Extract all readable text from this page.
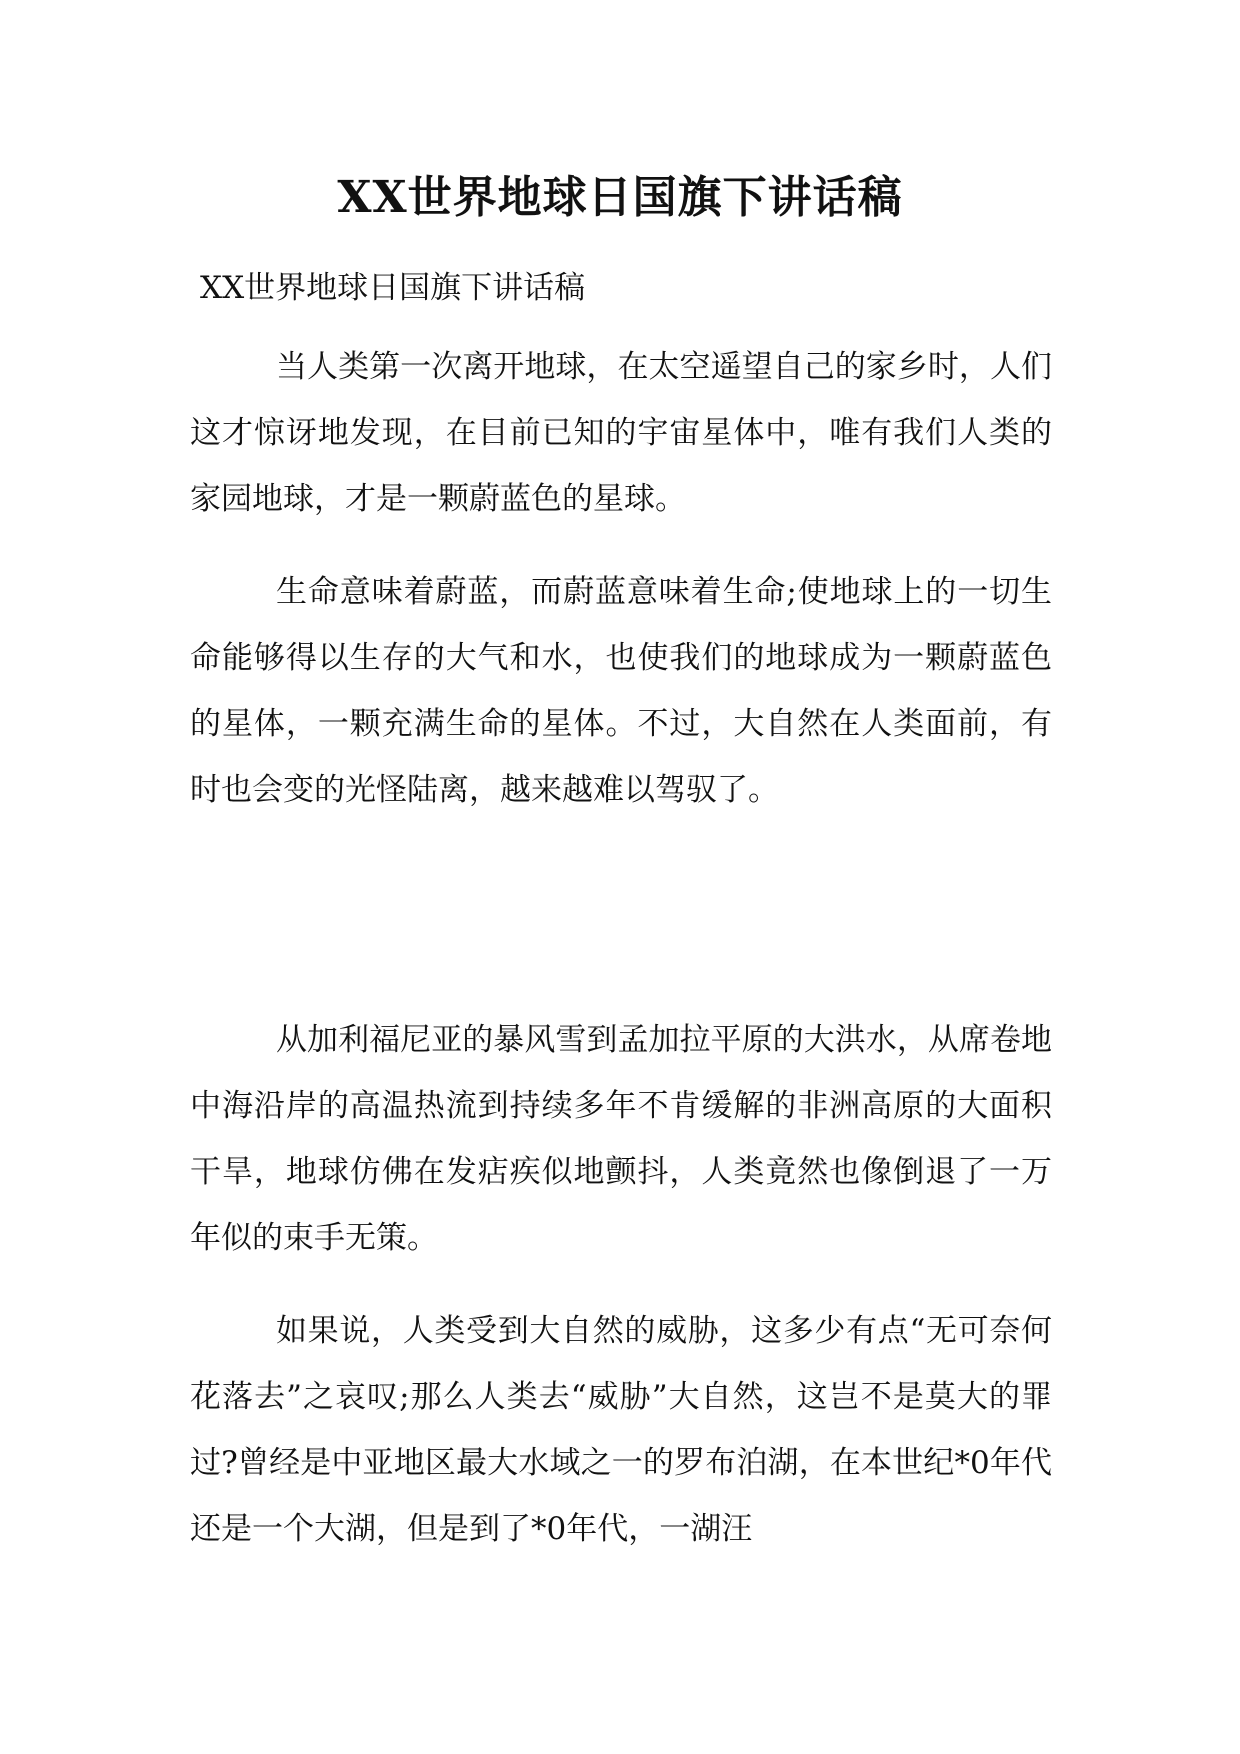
XX世界地球日国旗下讲话稿
XX世界地球日国旗下讲话稿

当人类第一次离开地球，在太空遥望自己的家乡时，人们这才惊讶地发现，在目前已知的宇宙星体中，唯有我们人类的家园地球，才是一颗蔚蓝色的星球。

生命意味着蔚蓝，而蔚蓝意味着生命;使地球上的一切生命能够得以生存的大气和水，也使我们的地球成为一颗蔚蓝色的星体，一颗充满生命的星体。不过，大自然在人类面前，有时也会变的光怪陆离，越来越难以驾驭了。

从加利福尼亚的暴风雪到孟加拉平原的大洪水，从席卷地中海沿岸的高温热流到持续多年不肯缓解的非洲高原的大面积干旱，地球仿佛在发痁疾似地颤抖，人类竟然也像倒退了一万年似的束手无策。

如果说，人类受到大自然的威胁，这多少有点“无可奈何花落去”之哀叹;那么人类去“威胁”大自然，这岂不是莫大的罪过?曾经是中亚地区最大水域之一的罗布泊湖，在本世纪*0年代还是一个大湖，但是到了*0年代，一湖汪
